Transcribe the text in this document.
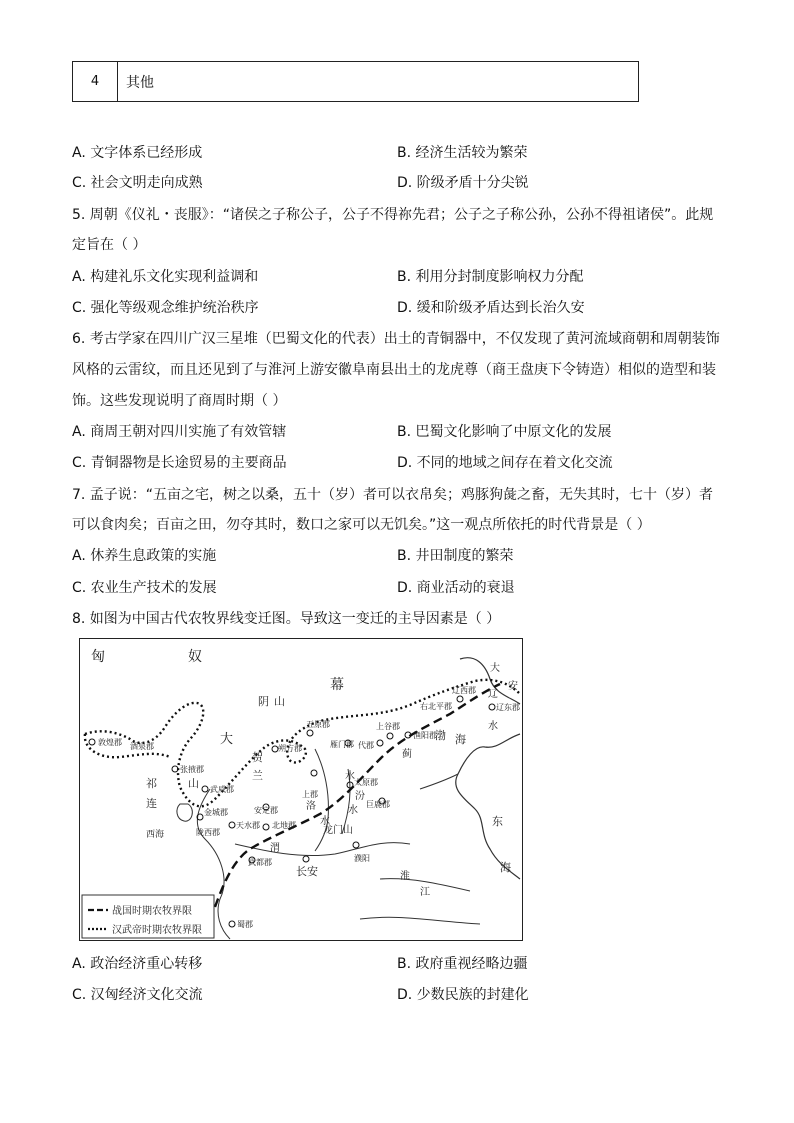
4	其他
A. 文字体系已经形成	B. 经济生活较为繁荣
C. 社会文明走向成熟	D. 阶级矛盾十分尖锐
5. 周朝《仪礼・丧服》：“诸侯之子称公子，公子不得祢先君；公子之子称公孙，公孙不得祖诸侯”。此规
定旨在（ ）
A. 构建礼乐文化实现利益调和	B. 利用分封制度影响权力分配
C. 强化等级观念维护统治秩序	D. 缓和阶级矛盾达到长治久安
6. 考古学家在四川广汉三星堆（巴蜀文化的代表）出土的青铜器中，不仅发现了黄河流域商朝和周朝装饰
风格的云雷纹，而且还见到了与淮河上游安徽阜南县出土的龙虎尊（商王盘庚下令铸造）相似的造型和装
饰。这些发现说明了商周时期（ ）
A. 商周王朝对四川实施了有效管辖	B. 巴蜀文化影响了中原文化的发展
C. 青铜器物是长途贸易的主要商品	D. 不同的地域之间存在着文化交流
7. 孟子说：“五亩之宅，树之以桑，五十（岁）者可以衣帛矣；鸡豚狗彘之畜，无失其时，七十（岁）者
可以食肉矣；百亩之田，勿夺其时，数口之家可以无饥矣。”这一观点所依托的时代背景是（ ）
A. 休养生息政策的实施	B. 井田制度的繁荣
C. 农业生产技术的发展	D. 商业活动的衰退
8. 如图为中国古代农牧界线变迁图。导致这一变迁的主导因素是（ ）
战国时期农牧界限
汉武帝时期农牧界限
匈	奴
幕
阴 山
大
贺
兰
祁
连
山
西海
洛
汾
水
水
水
渭
淮
江
渤 海
东
海
辽
水
蓟
大
安
敦煌郡 酒泉郡
张掖郡
武威郡
金城郡
陇西郡
天水郡 北地郡
安定郡
武都郡
蜀郡
朔方郡
五原郡
雁门郡 代郡
上谷郡
渔阳郡
右北平郡
辽西郡
辽东郡
太原郡
上郡
巨鹿郡
濮阳
长安
龙门山
A. 政治经济重心转移	B. 政府重视经略边疆
C. 汉匈经济文化交流	D. 少数民族的封建化
